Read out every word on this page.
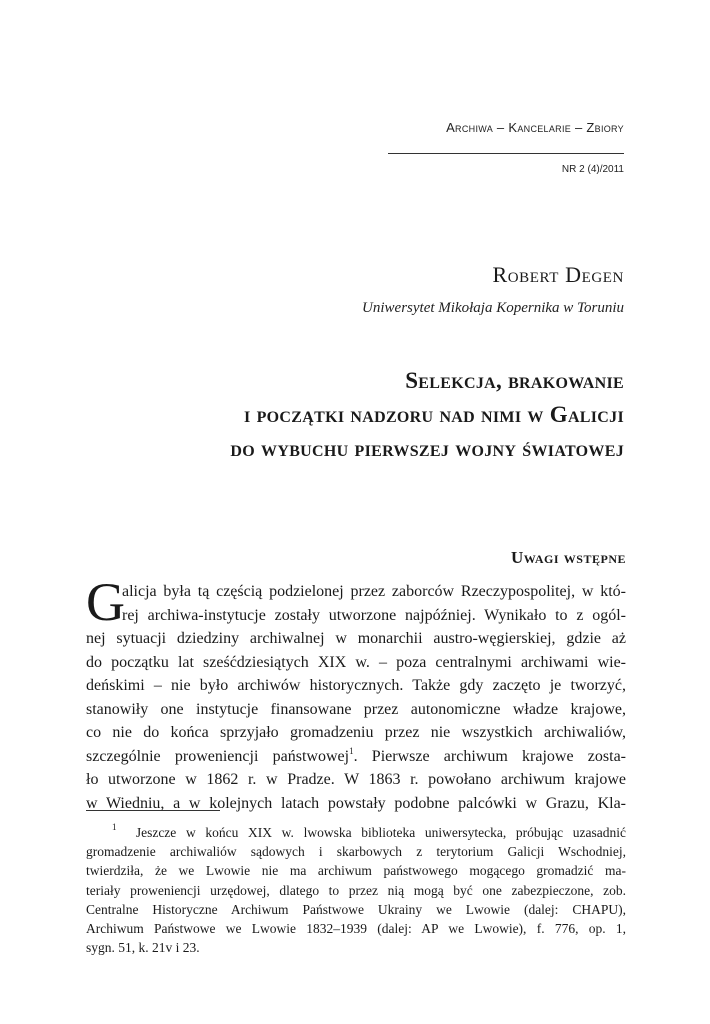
Archiwa – Kancelarie – Zbiory
NR 2 (4)/2011
Robert Degen
Uniwersytet Mikołaja Kopernika w Toruniu
Selekcja, brakowanie
i początki nadzoru nad nimi w Galicji
do wybuchu pierwszej wojny światowej
Uwagi wstępne
G
alicja była tą częścią podzielonej przez zaborców Rzeczypospolitej, w któ-
rej archiwa-instytucje zostały utworzone najpóźniej. Wynikało to z ogól-
nej sytuacji dziedziny archiwalnej w monarchii austro-węgierskiej, gdzie aż
do początku lat sześćdziesiątych XIX w. – poza centralnymi archiwami wie-
deńskimi – nie było archiwów historycznych. Także gdy zaczęto je tworzyć,
stanowiły one instytucje finansowane przez autonomiczne władze krajowe,
co nie do końca sprzyjało gromadzeniu przez nie wszystkich archiwaliów,
szczególnie proweniencji państwowej$^1$. Pierwsze archiwum krajowe zosta-
ło utworzone w 1862 r. w Pradze. W 1863 r. powołano archiwum krajowe
w Wiedniu, a w kolejnych latach powstały podobne palcówki w Grazu, Kla-
$^1$ Jeszcze w końcu XIX w. lwowska biblioteka uniwersytecka, próbując uzasadnić
gromadzenie archiwaliów sądowych i skarbowych z terytorium Galicji Wschodniej,
twierdziła, że we Lwowie nie ma archiwum państwowego mogącego gromadzić ma-
teriały proweniencji urzędowej, dlatego to przez nią mogą być one zabezpieczone, zob.
Centralne Historyczne Archiwum Państwowe Ukrainy we Lwowie (dalej: CHAPU),
Archiwum Państwowe we Lwowie 1832–1939 (dalej: AP we Lwowie), f. 776, op. 1,
sygn. 51, k. 21v i 23.
